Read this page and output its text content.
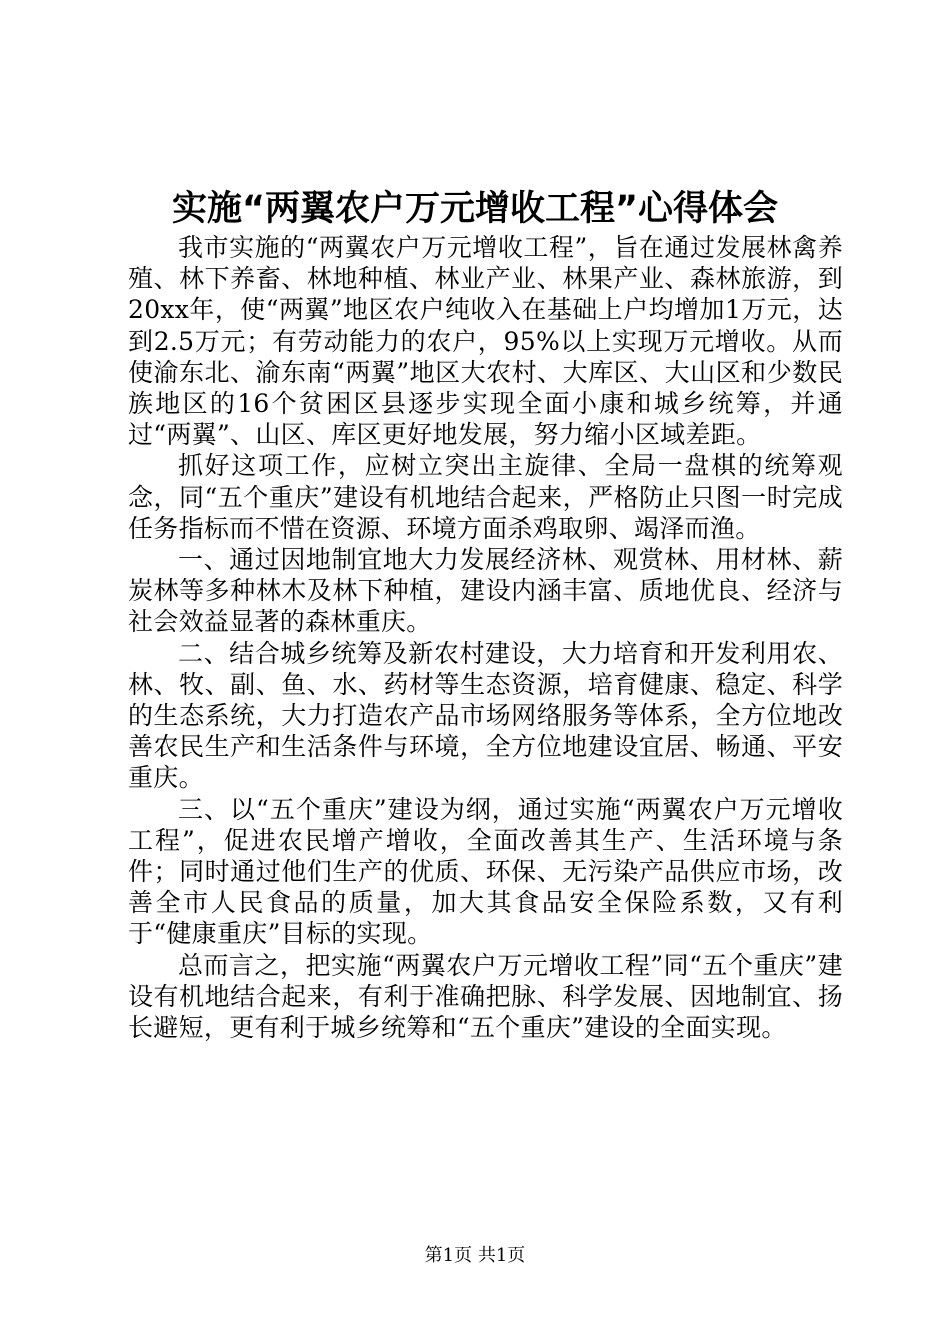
实施“两翼农户万元增收工程”心得体会

我市实施的“两翼农户万元增收工程”，旨在通过发展林禽养殖、林下养畜、林地种植、林业产业、林果产业、森林旅游，到20xx年，使“两翼”地区农户纯收入在基础上户均增加1万元，达到2.5万元；有劳动能力的农户，95%以上实现万元增收。从而使渝东北、渝东南“两翼”地区大农村、大库区、大山区和少数民族地区的16个贫困区县逐步实现全面小康和城乡统筹，并通过“两翼”、山区、库区更好地发展，努力缩小区域差距。

抓好这项工作，应树立突出主旋律、全局一盘棋的统筹观念，同“五个重庆”建设有机地结合起来，严格防止只图一时完成任务指标而不惜在资源、环境方面杀鸡取卵、竭泽而渔。

一、通过因地制宜地大力发展经济林、观赏林、用材林、薪炭林等多种林木及林下种植，建设内涵丰富、质地优良、经济与社会效益显著的森林重庆。

二、结合城乡统筹及新农村建设，大力培育和开发利用农、林、牧、副、鱼、水、药材等生态资源，培育健康、稳定、科学的生态系统，大力打造农产品市场网络服务等体系，全方位地改善农民生产和生活条件与环境，全方位地建设宜居、畅通、平安重庆。

三、以“五个重庆”建设为纲，通过实施“两翼农户万元增收工程”，促进农民增产增收，全面改善其生产、生活环境与条件；同时通过他们生产的优质、环保、无污染产品供应市场，改善全市人民食品的质量，加大其食品安全保险系数，又有利于“健康重庆”目标的实现。

总而言之，把实施“两翼农户万元增收工程”同“五个重庆”建设有机地结合起来，有利于准确把脉、科学发展、因地制宜、扬长避短，更有利于城乡统筹和“五个重庆”建设的全面实现。

第1页 共1页
